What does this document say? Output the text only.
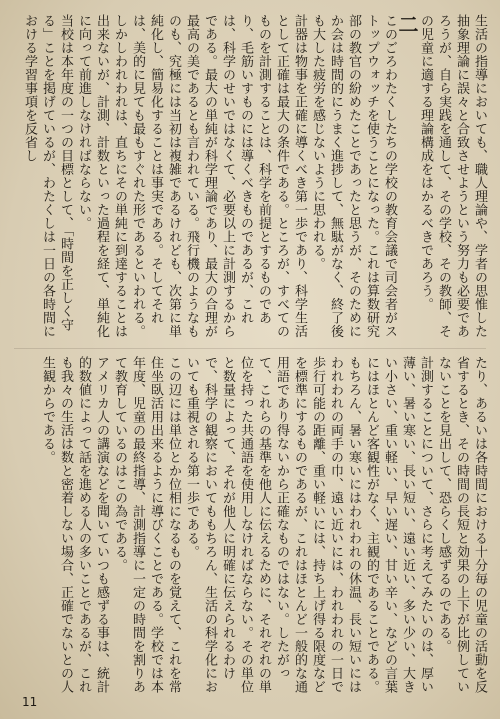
生活の指導においても、職人理論や、学者の思惟した抽象理論に誤々と合致させようという努力も必要であろうが、自ら実践を通して、その学校、その教師、その児童に適する理論構成をはかるべきであろう。
二
このごろわたくしたちの学校の教育会議で司会者がストップウォッチを使うことになった。これは算数研究部の教官の紛めたことであったと思うが、そのためにか会は時間的にうまく進捗して、無駄がなく、終了後も大した疲労を感じないように思われる。
計器は物事を正確に導くべき第一歩であり、科学生活として正確は最大の条件である。ところが、すべてのものを計測することは、科学を前提とするものであり、毛筋いすものには導くべきものであるが、これは、科学のせいではなくて、必要以上に計測するからである。最大の単純が科学理論であり、最大の合理が最高の美であるとも言われている。飛行機のようなものも、究極には当初は複雑であるけれども、次第に単純化し、簡易化することは事実である。そしてそれは、美的に見ても最もすぐれた形であるといわれる。
しかしわれわれは、直ちにその単純に到達することは出来ないが、計測、計数といった過程を経て、単純化に向って前進しなければならない。
当校は本年度の一つの目標として、「時間を正しく守る」ことを掲げているが、わたくしは一日の各時間における学習事項を反省し
たり、あるいは各時間における十分毎の児童の活動を反省するとき、その時間の長短と効果の上下が比例していないことを見出して、恐らくし感ずるのである。
計測することについて、さらに考えてみたいのは、厚い薄い、暑い寒い、長い短い、遠い近い、多い少い、大きい小さい、重い軽い、早い遅い、甘い辛い、などの言葉にはほとんど客観性がなく、主観的であることである。
もちろん、暑い寒いにはわれわれの休温、長い短いにはわれわれの両手の巾、遠い近いには、われわれの一日で歩行可能の距離、重い軽いには、持ち上げ得る限度などを標準にするものであるが、これはほとんど一般的な通用語であり得ないから正確なものではない。したがって、これらの基準を他人に伝えるために、それぞれの単位を持った共通語を使用しなければならない。その単位と数量によって、それが他人に明確に伝えられるわけで、科学の観察においてももちろん、生活の科学化においても重視される第一歩である。
この辺には単位とか位相になるものを覚えて、これを常住坐臥活用出来るように導びくことである。学校では本年度、児童の最終指導、計測指導に一定の時間を割りあて教育しているのはこの為である。
アメリカ人の講演などを聞いていつも感ずる事は、統計的数値によって話を進める人の多いことであるが、これも我々の生活は数と密着しない場合、正確でないとの人生観からである。
11
